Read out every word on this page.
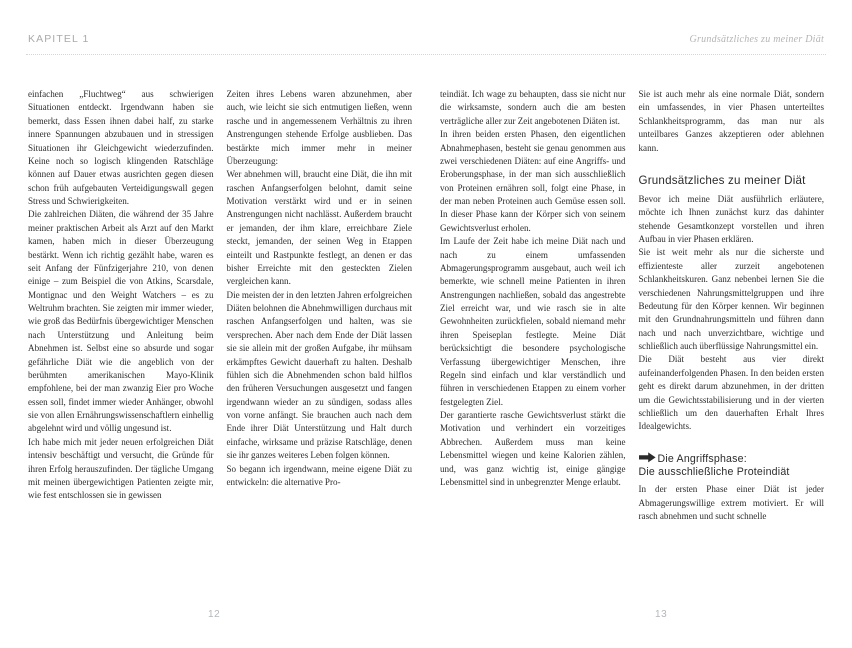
KAPITEL 1	Grundsätzliches zu meiner Diät

einfachen „Fluchtweg“ aus schwierigen Situationen entdeckt. Irgendwann haben sie bemerkt, dass Essen ihnen dabei half, zu starke innere Spannungen abzubauen und in stressigen Situationen ihr Gleichgewicht wiederzufinden. Keine noch so logisch klingenden Ratschläge können auf Dauer etwas ausrichten gegen diesen schon früh aufgebauten Verteidigungswall gegen Stress und Schwierigkeiten.

Die zahlreichen Diäten, die während der 35 Jahre meiner praktischen Arbeit als Arzt auf den Markt kamen, haben mich in dieser Überzeugung bestärkt. Wenn ich richtig gezählt habe, waren es seit Anfang der Fünfzigerjahre 210, von denen einige – zum Beispiel die von Atkins, Scarsdale, Montignac und den Weight Watchers – es zu Weltruhm brachten. Sie zeigten mir immer wieder, wie groß das Bedürfnis übergewichtiger Menschen nach Unterstützung und Anleitung beim Abnehmen ist. Selbst eine so absurde und sogar gefährliche Diät wie die angeblich von der berühmten amerikanischen Mayo-Klinik empfohlene, bei der man zwanzig Eier pro Woche essen soll, findet immer wieder Anhänger, obwohl sie von allen Ernährungswissenschaftlern einhellig abgelehnt wird und völlig ungesund ist.

Ich habe mich mit jeder neuen erfolgreichen Diät intensiv beschäftigt und versucht, die Gründe für ihren Erfolg herauszufinden. Der tägliche Umgang mit meinen übergewichtigen Patienten zeigte mir, wie fest entschlossen sie in gewissen

Zeiten ihres Lebens waren abzunehmen, aber auch, wie leicht sie sich entmutigen ließen, wenn rasche und in angemessenem Verhältnis zu ihren Anstrengungen stehende Erfolge ausblieben. Das bestärkte mich immer mehr in meiner Überzeugung:

Wer abnehmen will, braucht eine Diät, die ihn mit raschen Anfangserfolgen belohnt, damit seine Motivation verstärkt wird und er in seinen Anstrengungen nicht nachlässt. Außerdem braucht er jemanden, der ihm klare, erreichbare Ziele steckt, jemanden, der seinen Weg in Etappen einteilt und Rastpunkte festlegt, an denen er das bisher Erreichte mit den gesteckten Zielen vergleichen kann.

Die meisten der in den letzten Jahren erfolgreichen Diäten belohnen die Abnehmwilligen durchaus mit raschen Anfangserfolgen und halten, was sie versprechen. Aber nach dem Ende der Diät lassen sie sie allein mit der großen Aufgabe, ihr mühsam erkämpftes Gewicht dauerhaft zu halten. Deshalb fühlen sich die Abnehmenden schon bald hilflos den früheren Versuchungen ausgesetzt und fangen irgendwann wieder an zu sündigen, sodass alles von vorne anfängt. Sie brauchen auch nach dem Ende ihrer Diät Unterstützung und Halt durch einfache, wirksame und präzise Ratschläge, denen sie ihr ganzes weiteres Leben folgen können.

So begann ich irgendwann, meine eigene Diät zu entwickeln: die alternative Pro-

teindiät. Ich wage zu behaupten, dass sie nicht nur die wirksamste, sondern auch die am besten verträgliche aller zur Zeit angebotenen Diäten ist.

In ihren beiden ersten Phasen, den eigentlichen Abnahmephasen, besteht sie genau genommen aus zwei verschiedenen Diäten: auf eine Angriffs- und Eroberungsphase, in der man sich ausschließlich von Proteinen ernähren soll, folgt eine Phase, in der man neben Proteinen auch Gemüse essen soll. In dieser Phase kann der Körper sich von seinem Gewichtsverlust erholen.

Im Laufe der Zeit habe ich meine Diät nach und nach zu einem umfassenden Abmagerungsprogramm ausgebaut, auch weil ich bemerkte, wie schnell meine Patienten in ihren Anstrengungen nachließen, sobald das angestrebte Ziel erreicht war, und wie rasch sie in alte Gewohnheiten zurückfielen, sobald niemand mehr ihren Speiseplan festlegte. Meine Diät berücksichtigt die besondere psychologische Verfassung übergewichtiger Menschen, ihre Regeln sind einfach und klar verständlich und führen in verschiedenen Etappen zu einem vorher festgelegten Ziel.

Der garantierte rasche Gewichtsverlust stärkt die Motivation und verhindert ein vorzeitiges Abbrechen. Außerdem muss man keine Lebensmittel wiegen und keine Kalorien zählen, und, was ganz wichtig ist, einige gängige Lebensmittel sind in unbegrenzter Menge erlaubt.

Sie ist auch mehr als eine normale Diät, sondern ein umfassendes, in vier Phasen unterteiltes Schlankheitsprogramm, das man nur als unteilbares Ganzes akzeptieren oder ablehnen kann.

Grundsätzliches zu meiner Diät

Bevor ich meine Diät ausführlich erläutere, möchte ich Ihnen zunächst kurz das dahinter stehende Gesamtkonzept vorstellen und ihren Aufbau in vier Phasen erklären.

Sie ist weit mehr als nur die sicherste und effizienteste aller zurzeit angebotenen Schlankheitskuren. Ganz nebenbei lernen Sie die verschiedenen Nahrungsmittelgruppen und ihre Bedeutung für den Körper kennen. Wir beginnen mit den Grundnahrungsmitteln und führen dann nach und nach unverzichtbare, wichtige und schließlich auch überflüssige Nahrungsmittel ein.

Die Diät besteht aus vier direkt aufeinanderfolgenden Phasen. In den beiden ersten geht es direkt darum abzunehmen, in der dritten um die Gewichtsstabilisierung und in der vierten schließlich um den dauerhaften Erhalt Ihres Idealgewichts.

Die Angriffsphase:
Die ausschließliche Proteindiät

In der ersten Phase einer Diät ist jeder Abmagerungswillige extrem motiviert. Er will rasch abnehmen und sucht schnelle

12	13
